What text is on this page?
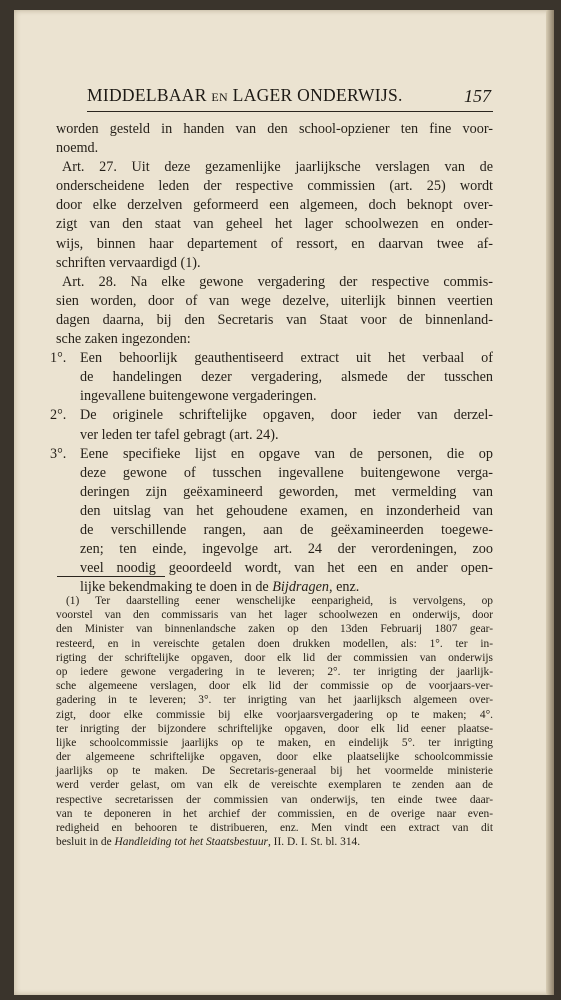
MIDDELBAAR EN LAGER ONDERWIJS.	157
worden gesteld in handen van den school-opziener ten fine voor-
noemd.
Art. 27. Uit deze gezamenlijke jaarlijksche verslagen van de
onderscheidene leden der respective commissien (art. 25) wordt
door elke derzelven geformeerd een algemeen, doch beknopt over-
zigt van den staat van geheel het lager schoolwezen en onder-
wijs, binnen haar departement of ressort, en daarvan twee af-
schriften vervaardigd (1).
Art. 28. Na elke gewone vergadering der respective commis-
sien worden, door of van wege dezelve, uiterlijk binnen veertien
dagen daarna, bij den Secretaris van Staat voor de binnenland-
sche zaken ingezonden:
1°. Een behoorlijk geauthentiseerd extract uit het verbaal of
de handelingen dezer vergadering, alsmede der tusschen
ingevallene buitengewone vergaderingen.
2°. De originele schriftelijke opgaven, door ieder van derzel-
ver leden ter tafel gebragt (art. 24).
3°. Eene specifieke lijst en opgave van de personen, die op
deze gewone of tusschen ingevallene buitengewone verga-
deringen zijn geëxamineerd geworden, met vermelding van
den uitslag van het gehoudene examen, en inzonderheid van
de verschillende rangen, aan de geëxamineerden toegewe-
zen; ten einde, ingevolge art. 24 der verordeningen, zoo
veel noodig geoordeeld wordt, van het een en ander open-
lijke bekendmaking te doen in de Bijdragen, enz.
(1) Ter daarstelling eener wenschelijke eenparigheid, is vervolgens, op
voorstel van den commissaris van het lager schoolwezen en onderwijs, door
den Minister van binnenlandsche zaken op den 13den Februarij 1807 gear-
resteerd, en in vereischte getalen doen drukken modellen, als: 1°. ter in-
rigting der schriftelijke opgaven, door elk lid der commissien van onderwijs
op iedere gewone vergadering in te leveren; 2°. ter inrigting der jaarlijk-
sche algemeene verslagen, door elk lid der commissie op de voorjaars-ver-
gadering in te leveren; 3°. ter inrigting van het jaarlijksch algemeen over-
zigt, door elke commissie bij elke voorjaarsvergadering op te maken; 4°.
ter inrigting der bijzondere schriftelijke opgaven, door elk lid eener plaatse-
lijke schoolcommissie jaarlijks op te maken, en eindelijk 5°. ter inrigting
der algemeene schriftelijke opgaven, door elke plaatselijke schoolcommissie
jaarlijks op te maken. De Secretaris-generaal bij het voormelde ministerie
werd verder gelast, om van elk de vereischte exemplaren te zenden aan de
respective secretarissen der commissien van onderwijs, ten einde twee daar-
van te deponeren in het archief der commissien, en de overige naar even-
redigheid en behooren te distribueren, enz. Men vindt een extract van dit
besluit in de Handleiding tot het Staatsbestuur, II. D. I. St. bl. 314.
